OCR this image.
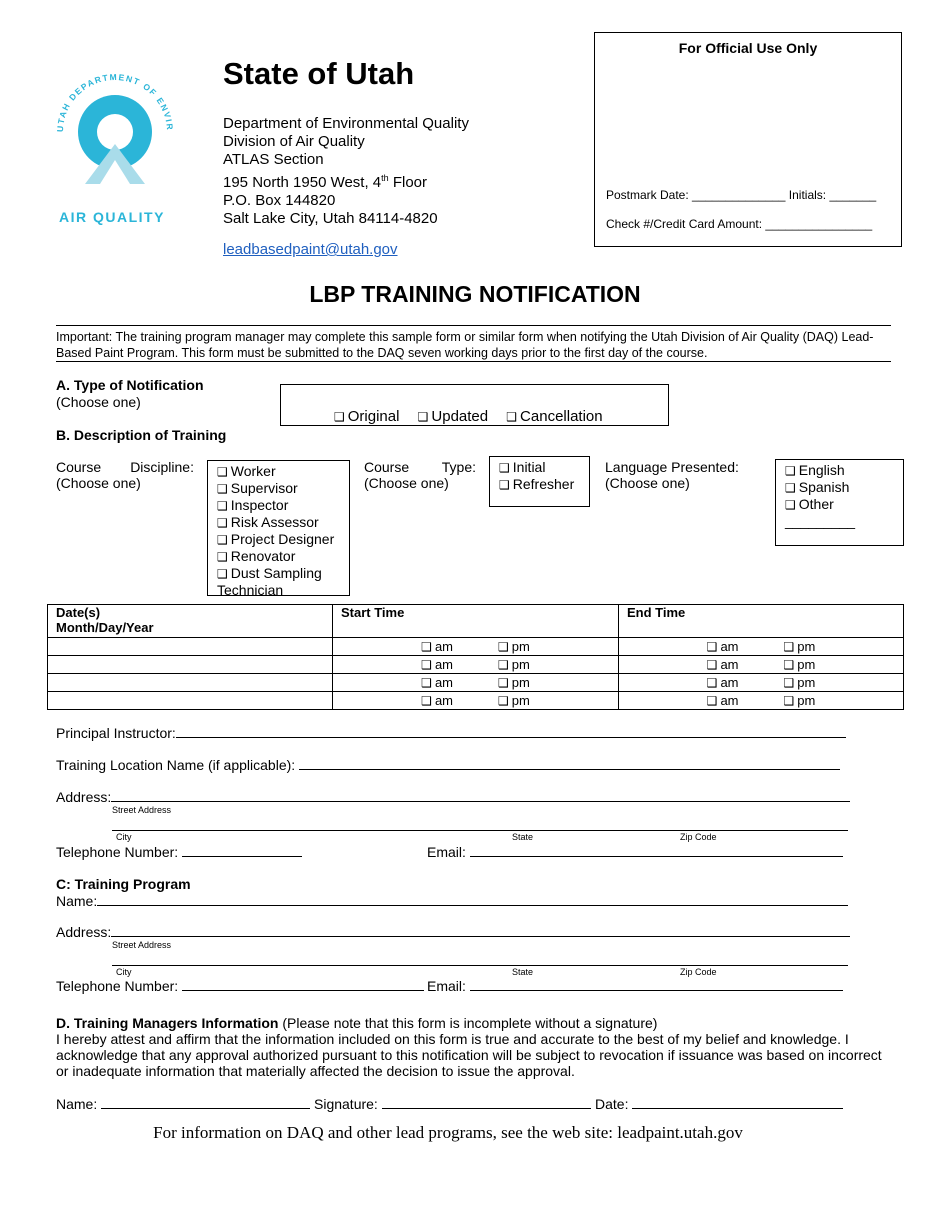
UTAH DEPARTMENT OF ENVIR
AIR QUALITY
State of Utah
Department of Environmental Quality
Division of Air Quality
ATLAS Section
195 North 1950 West, 4th Floor
P.O. Box 144820
Salt Lake City, Utah 84114-4820
leadbasedpaint@utah.gov
For Official Use Only
Postmark Date: ______________ Initials: _______
Check #/Credit Card Amount: ________________
LBP TRAINING NOTIFICATION
Important: The training program manager may complete this sample form or similar form when notifying the Utah Division of Air Quality (DAQ) Lead-Based Paint Program. This form must be submitted to the DAQ seven working days prior to the first day of the course.
A. Type of Notification
(Choose one)
❑ Original ❑ Updated ❑ Cancellation
B. Description of Training
Course Discipline:
(Choose one)
❑ Worker
❑ Supervisor
❑ Inspector
❑ Risk Assessor
❑ Project Designer
❑ Renovator
❑ Dust Sampling
Technician
Course Type:
(Choose one)
❑ Initial
❑ Refresher
Language Presented:
(Choose one)
❑ English
❑ Spanish
❑ Other
_________
Date(s)
Month/Day/Year	Start Time	End Time

	❑ am ❑ pm	❑ am ❑ pm

	❑ am ❑ pm	❑ am ❑ pm

	❑ am ❑ pm	❑ am ❑ pm

	❑ am ❑ pm	❑ am ❑ pm
Principal Instructor:
Training Location Name (if applicable):
Address:
Street Address
City	State	Zip Code
Telephone Number:	Email:
C: Training Program
Name:
Address:
Street Address
City	State	Zip Code
Telephone Number:	Email:
D. Training Managers Information (Please note that this form is incomplete without a signature)
I hereby attest and affirm that the information included on this form is true and accurate to the best of my belief and knowledge. I acknowledge that any approval authorized pursuant to this notification will be subject to revocation if issuance was based on incorrect or inadequate information that materially affected the decision to issue the approval.
Name:	Signature:	Date:
For information on DAQ and other lead programs, see the web site: leadpaint.utah.gov
